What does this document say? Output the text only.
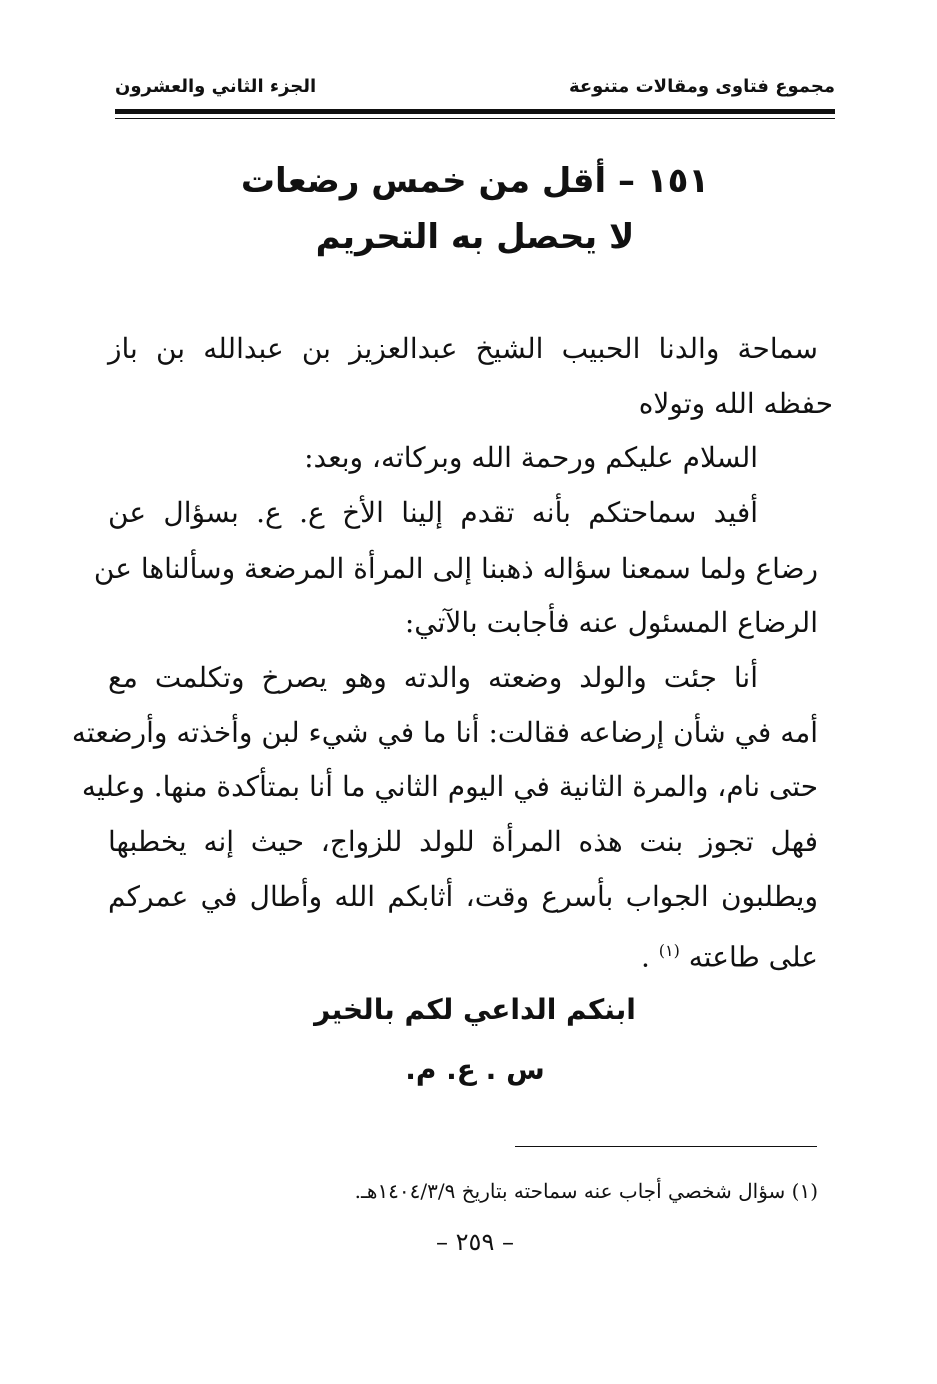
مجموع فتاوى ومقالات متنوعة
الجزء الثاني والعشرون
١٥١ – أقل من خمس رضعات
لا يحصل به التحريم
سماحة والدنا الحبيب الشيخ عبدالعزيز بن عبدالله بن باز
حفظه الله وتولاه
السلام عليكم ورحمة الله وبركاته، وبعد:
أفيد سماحتكم بأنه تقدم إلينا الأخ ع. ع. بسؤال عن
رضاع ولما سمعنا سؤاله ذهبنا إلى المرأة المرضعة وسألناها عن
الرضاع المسئول عنه فأجابت بالآتي:
أنا جئت والولد وضعته والدته وهو يصرخ وتكلمت مع
أمه في شأن إرضاعه فقالت: أنا ما في شيء لبن وأخذته وأرضعته
حتى نام، والمرة الثانية في اليوم الثاني ما أنا بمتأكدة منها. وعليه
فهل تجوز بنت هذه المرأة للولد للزواج، حيث إنه يخطبها
ويطلبون الجواب بأسرع وقت، أثابكم الله وأطال في عمركم
على طاعته $^{(١)}$ .
ابنكم الداعي لكم بالخير
س . ع. م.
(١) سؤال شخصي أجاب عنه سماحته بتاريخ ١٤٠٤/٣/٩هـ.
– ٢٥٩ –
